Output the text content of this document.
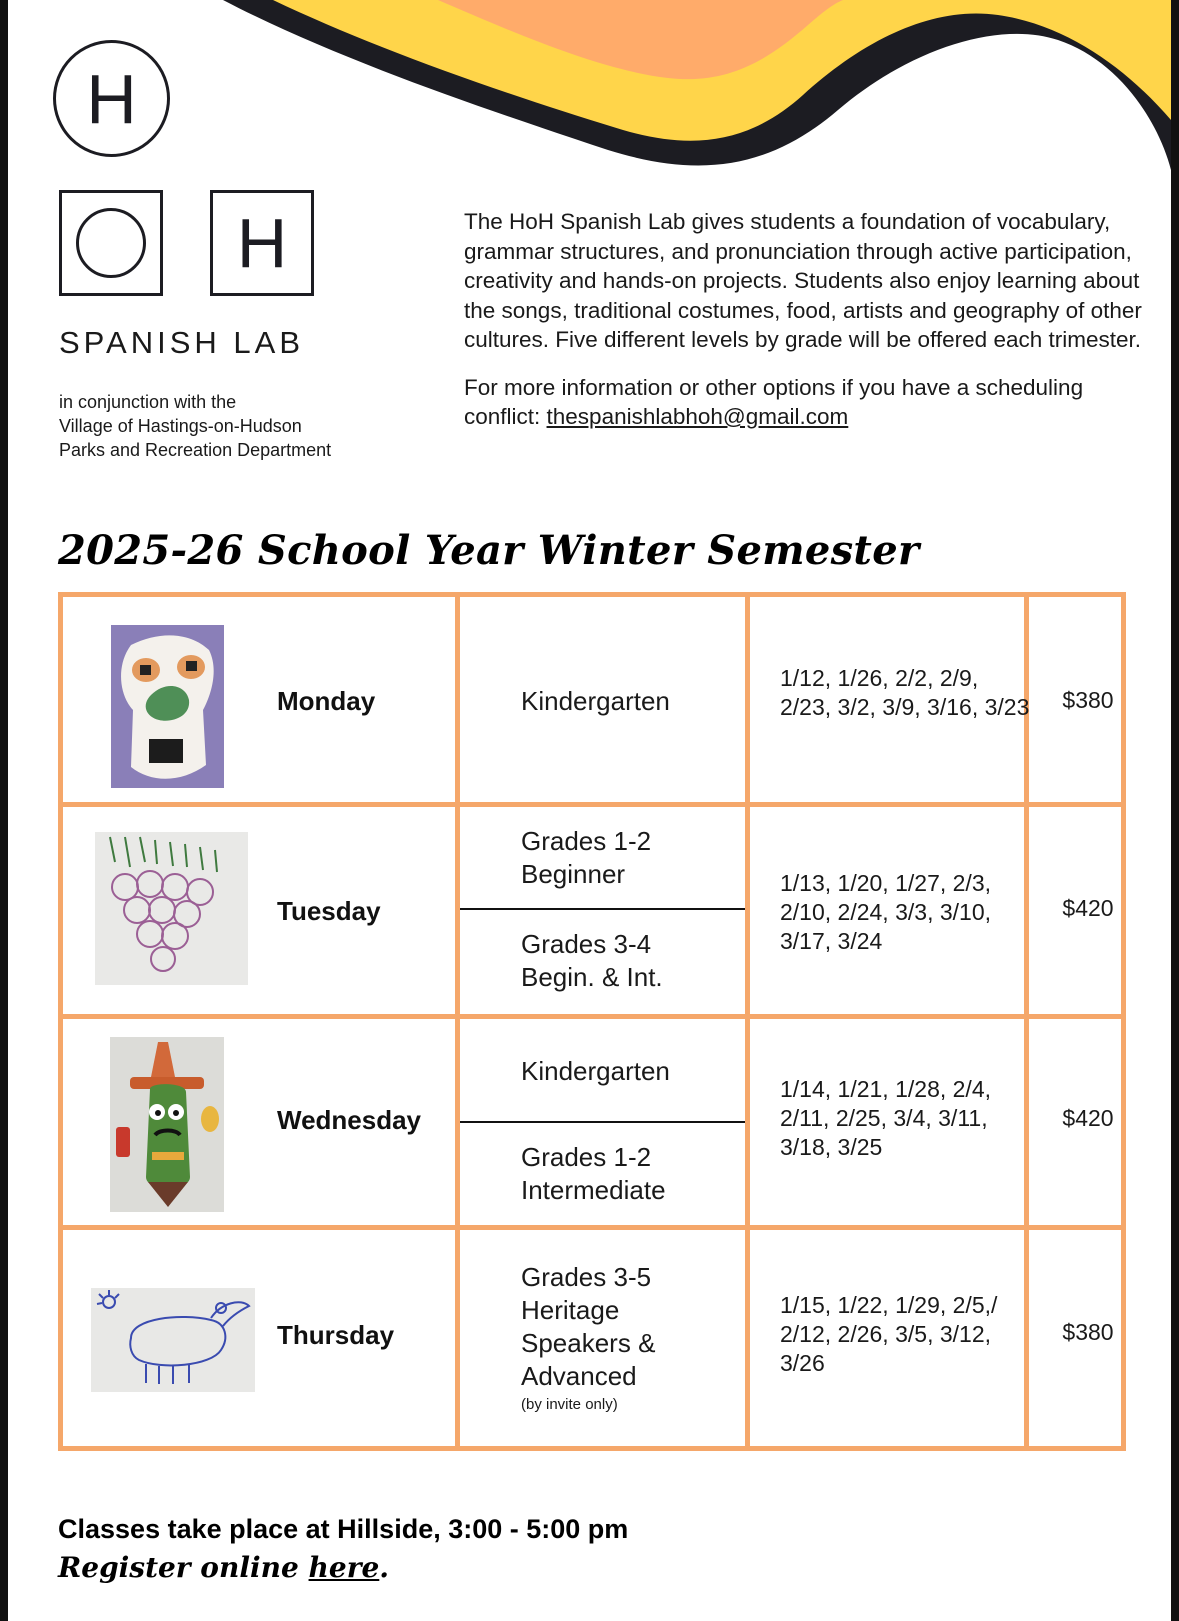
H
H
SPANISH LAB
in conjunction with the
Village of Hastings-on-Hudson
Parks and Recreation Department

The HoH Spanish Lab gives students a foundation of vocabulary, grammar structures, and pronunciation through active participation, creativity and hands-on projects. Students also enjoy learning about the songs, traditional costumes, food, artists and geography of other cultures. Five different levels by grade will be offered each trimester.

For more information or other options if you have a scheduling conflict: thespanishlabhoh@gmail.com

2025-26 School Year Winter Semester
Monday	Kindergarten
1/12, 1/26, 2/2, 2/9, 2/23, 3/2, 3/9, 3/16, 3/23	$380
Tuesday
Grades 1-2
Beginner
Grades 3-4
Begin. & Int.
1/13, 1/20, 1/27, 2/3, 2/10, 2/24, 3/3, 3/10, 3/17, 3/24
$420
Wednesday
Kindergarten
Grades 1-2
Intermediate
1/14, 1/21, 1/28, 2/4, 2/11, 2/25, 3/4, 3/11, 3/18, 3/25
$420
Thursday
Grades 3-5
Heritage
Speakers &
Advanced
(by invite only)
1/15, 1/22, 1/29, 2/5,/ 2/12, 2/26, 3/5, 3/12, 3/26
$380
Classes take place at Hillside, 3:00 - 5:00 pm
Register online here.
